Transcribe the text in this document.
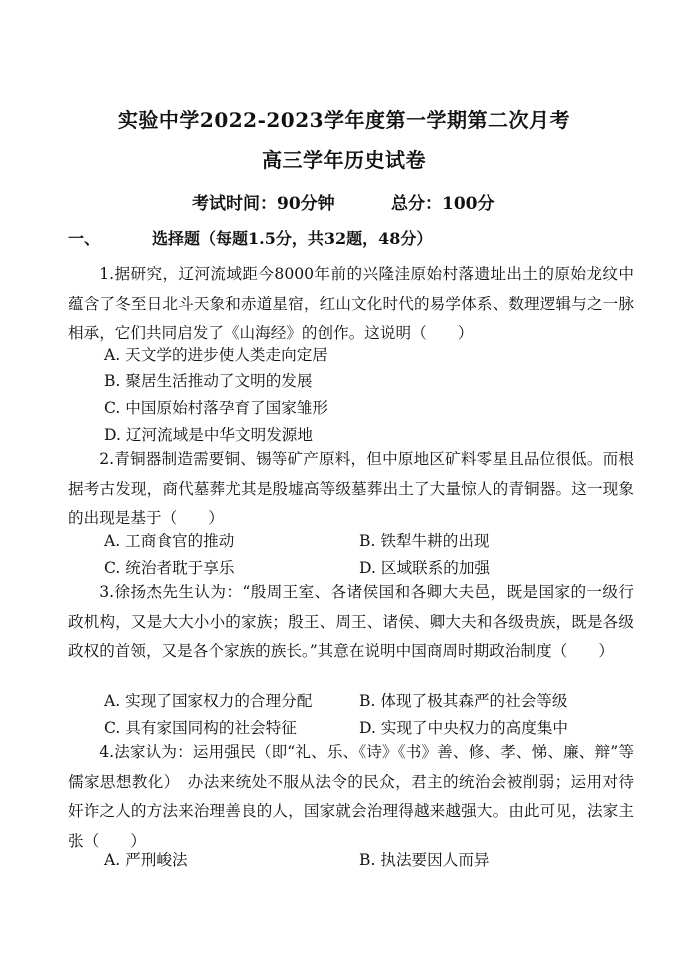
实验中学2022-2023学年度第一学期第二次月考
高三学年历史试卷
考试时间：90分钟	总分：100分
一、	选择题（每题1.5分，共32题，48分）
1.据研究，辽河流域距今8000年前的兴隆洼原始村落遗址出土的原始龙纹中蕴含了冬至日北斗天象和赤道星宿，红山文化时代的易学体系、数理逻辑与之一脉相承，它们共同启发了《山海经》的创作。这说明（　　）
A. 天文学的进步使人类走向定居
B. 聚居生活推动了文明的发展
C. 中国原始村落孕育了国家雏形
D. 辽河流域是中华文明发源地
2.青铜器制造需要铜、锡等矿产原料，但中原地区矿料零星且品位很低。而根据考古发现，商代墓葬尤其是殷墟高等级墓葬出土了大量惊人的青铜器。这一现象的出现是基于（　　）
A. 工商食官的推动	B. 铁犁牛耕的出现
C. 统治者耽于享乐	D. 区域联系的加强
3.徐扬杰先生认为：“殷周王室、各诸侯国和各卿大夫邑，既是国家的一级行政机构，又是大大小小的家族；殷王、周王、诸侯、卿大夫和各级贵族，既是各级政权的首领，又是各个家族的族长。”其意在说明中国商周时期政治制度（　　）
A. 实现了国家权力的合理分配	B. 体现了极其森严的社会等级
C. 具有家国同构的社会特征	D. 实现了中央权力的高度集中
4.法家认为：运用强民（即“礼、乐、《诗》《书》善、修、孝、悌、廉、辩”等儒家思想教化）　办法来统处不服从法令的民众，君主的统治会被削弱；运用对待奸诈之人的方法来治理善良的人，国家就会治理得越来越强大。由此可见，法家主张（　　）
A. 严刑峻法	B. 执法要因人而异
